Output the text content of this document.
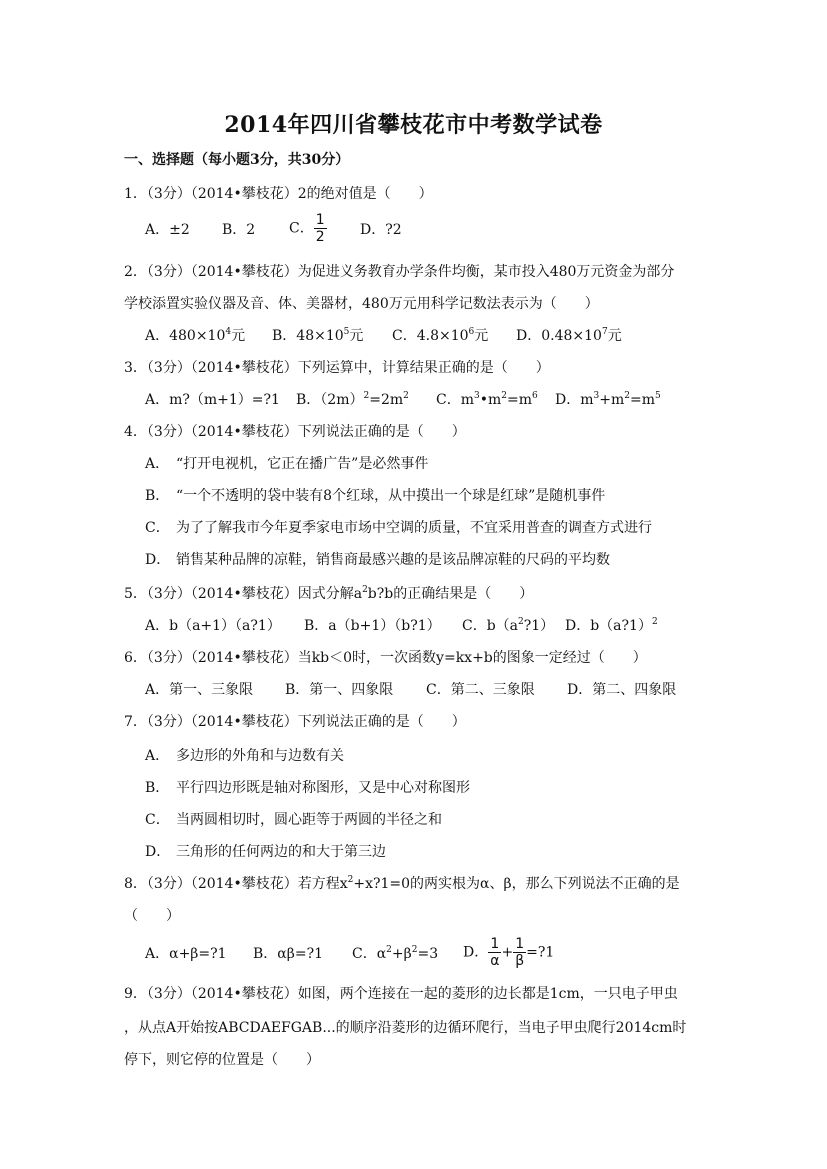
2014年四川省攀枝花市中考数学试卷
一、选择题（每小题3分，共30分）
1．（3分）（2014•攀枝花）2的绝对值是（　　）
A．±2 B．2 C． $\frac{1}{2}$ D．?2
2．（3分）（2014•攀枝花）为促进义务教育办学条件均衡，某市投入480万元资金为部分
学校添置实验仪器及音、体、美器材，480万元用科学记数法表示为（　　）
A．$480\times 10^4$元 B．$48\times 10^5$元 C．$4.8\times 10^6$元 D．$0.48\times 10^7$元
3．（3分）（2014•攀枝花）下列运算中，计算结果正确的是（　　）
A．m?（m+1）=?1 B．$(2m)^2=2m^2$ C．$m^3•m^2=m^6$ D．$m^3+m^2=m^5$
4．（3分）（2014•攀枝花）下列说法正确的是（　　）
A． “打开电视机，它正在播广告”是必然事件
B． “一个不透明的袋中装有8个红球，从中摸出一个球是红球”是随机事件
C． 为了了解我市今年夏季家电市场中空调的质量，不宜采用普查的调查方式进行
D． 销售某种品牌的凉鞋，销售商最感兴趣的是该品牌凉鞋的尺码的平均数
5．（3分）（2014•攀枝花）因式分解$a^2b?b$的正确结果是（　　）
A．b（a+1）（a?1） B．a（b+1）（b?1） C．$b(a^2?1)$ D．b（a?1）$^2$
6．（3分）（2014•攀枝花）当kb＜0时，一次函数y=kx+b的图象一定经过（　　）
A．第一、三象限 B．第一、四象限 C．第二、三象限 D．第二、四象限
7．（3分）（2014•攀枝花）下列说法正确的是（　　）
A． 多边形的外角和与边数有关
B． 平行四边形既是轴对称图形，又是中心对称图形
C． 当两圆相切时，圆心距等于两圆的半径之和
D． 三角形的任何两边的和大于第三边
8．（3分）（2014•攀枝花）若方程$x^2+x?1=0$的两实根为α、β，那么下列说法不正确的是
（　　）
A．α+β=?1 B．αβ=?1 C．$\alpha^2+\beta^2=3$ D． $\frac{1}{\alpha} + \frac{1}{\beta}$ =?1
9．（3分）（2014•攀枝花）如图，两个连接在一起的菱形的边长都是1cm，一只电子甲虫
，从点A开始按ABCDAEFGAB...的顺序沿菱形的边循环爬行，当电子甲虫爬行2014cm时
停下，则它停的位置是（　　）
